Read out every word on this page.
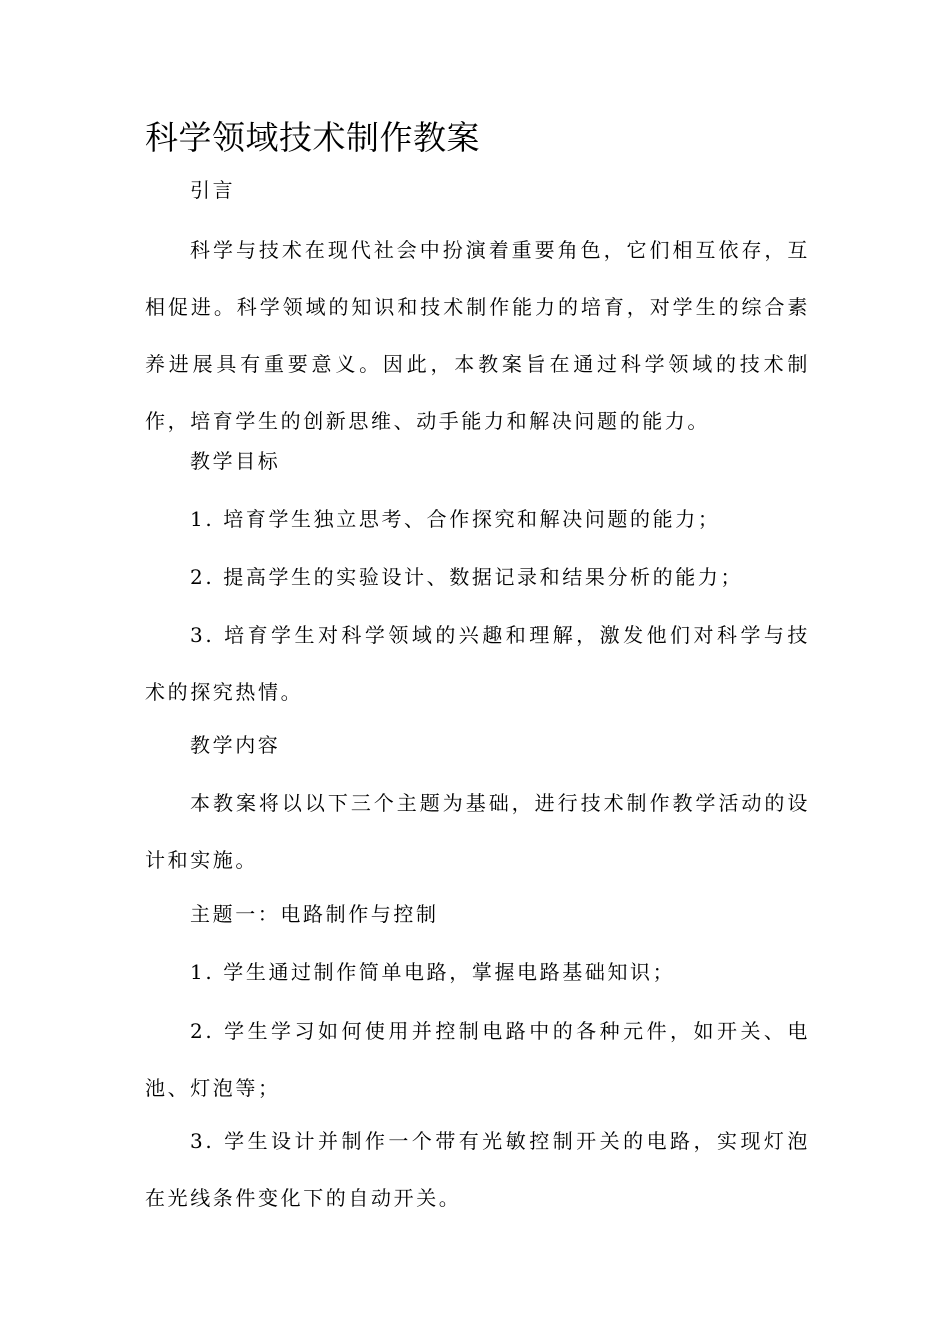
科学领域技术制作教案

引言

科学与技术在现代社会中扮演着重要角色，它们相互依存，互相促进。科学领域的知识和技术制作能力的培育，对学生的综合素养进展具有重要意义。因此，本教案旨在通过科学领域的技术制作，培育学生的创新思维、动手能力和解决问题的能力。

教学目标

1. 培育学生独立思考、合作探究和解决问题的能力；

2. 提高学生的实验设计、数据记录和结果分析的能力；

3. 培育学生对科学领域的兴趣和理解，激发他们对科学与技术的探究热情。

教学内容

本教案将以以下三个主题为基础，进行技术制作教学活动的设计和实施。

主题一：电路制作与控制

1. 学生通过制作简单电路，掌握电路基础知识；

2. 学生学习如何使用并控制电路中的各种元件，如开关、电池、灯泡等；

3. 学生设计并制作一个带有光敏控制开关的电路，实现灯泡在光线条件变化下的自动开关。
